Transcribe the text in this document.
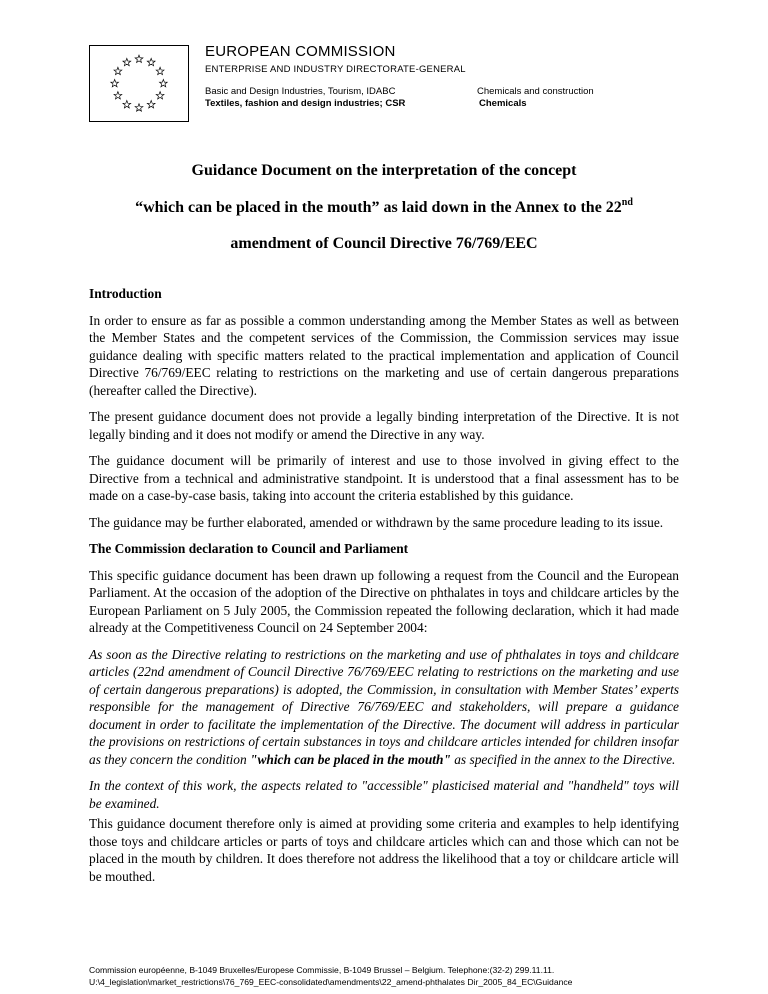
EUROPEAN COMMISSION
ENTERPRISE AND INDUSTRY DIRECTORATE-GENERAL
Basic and Design Industries, Tourism, IDABC
Textiles, fashion and design industries; CSR
Chemicals and construction
Chemicals
Guidance Document on the interpretation of the concept
“which can be placed in the mouth” as laid down in the Annex to the 22nd
amendment of Council Directive 76/769/EEC
Introduction

In order to ensure as far as possible a common understanding among the Member States as well as between the Member States and the competent services of the Commission, the Commission services may issue guidance dealing with specific matters related to the practical implementation and application of Council Directive 76/769/EEC relating to restrictions on the marketing and use of certain dangerous preparations (hereafter called the Directive).

The present guidance document does not provide a legally binding interpretation of the Directive. It is not legally binding and it does not modify or amend the Directive in any way.

The guidance document will be primarily of interest and use to those involved in giving effect to the Directive from a technical and administrative standpoint. It is understood that a final assessment has to be made on a case-by-case basis, taking into account the criteria established by this guidance.

The guidance may be further elaborated, amended or withdrawn by the same procedure leading to its issue.

The Commission declaration to Council and Parliament

This specific guidance document has been drawn up following a request from the Council and the European Parliament. At the occasion of the adoption of the Directive on phthalates in toys and childcare articles by the European Parliament on 5 July 2005, the Commission repeated the following declaration, which it had made already at the Competitiveness Council on 24 September 2004:

As soon as the Directive relating to restrictions on the marketing and use of phthalates in toys and childcare articles (22nd amendment of Council Directive 76/769/EEC relating to restrictions on the marketing and use of certain dangerous preparations) is adopted, the Commission, in consultation with Member States’ experts responsible for the management of Directive 76/769/EEC and stakeholders, will prepare a guidance document in order to facilitate the implementation of the Directive. The document will address in particular the provisions on restrictions of certain substances in toys and childcare articles intended for children insofar as they concern the condition "which can be placed in the mouth" as specified in the annex to the Directive.

In the context of this work, the aspects related to "accessible" plasticised material and "handheld" toys will be examined.

This guidance document therefore only is aimed at providing some criteria and examples to help identifying those toys and childcare articles or parts of toys and childcare articles which can and those which can not be placed in the mouth by children. It does therefore not address the likelihood that a toy or childcare article will be mouthed.

Commission européenne, B-1049 Bruxelles/Europese Commissie, B-1049 Brussel – Belgium. Telephone:(32-2) 299.11.11.
U:\4_legislation\market_restrictions\76_769_EEC-consolidated\amendments\22_amend-phthalates Dir_2005_84_EC\Guidance
